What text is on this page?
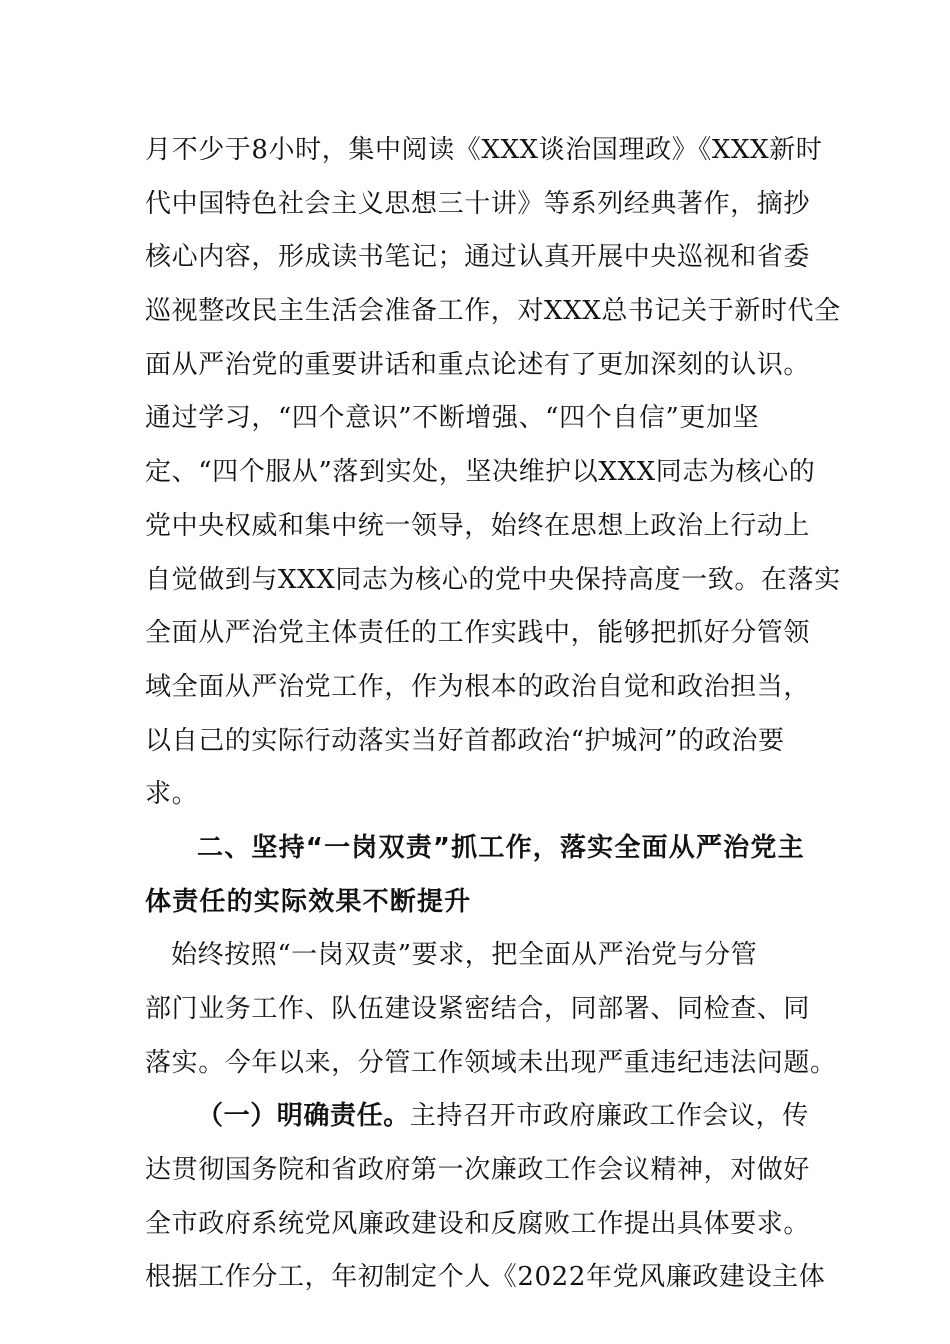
月不少于8小时，集中阅读《XXX谈治国理政》《XXX新时
代中国特色社会主义思想三十讲》等系列经典著作，摘抄
核心内容，形成读书笔记；通过认真开展中央巡视和省委
巡视整改民主生活会准备工作，对XXX总书记关于新时代全
面从严治党的重要讲话和重点论述有了更加深刻的认识。
通过学习，“四个意识”不断增强、“四个自信”更加坚
定、“四个服从”落到实处，坚决维护以XXX同志为核心的
党中央权威和集中统一领导，始终在思想上政治上行动上
自觉做到与XXX同志为核心的党中央保持高度一致。在落实
全面从严治党主体责任的工作实践中，能够把抓好分管领
域全面从严治党工作，作为根本的政治自觉和政治担当，
以自己的实际行动落实当好首都政治“护城河”的政治要
求。
二、坚持“一岗双责”抓工作，落实全面从严治党主
体责任的实际效果不断提升
始终按照“一岗双责”要求，把全面从严治党与分管
部门业务工作、队伍建设紧密结合，同部署、同检查、同
落实。今年以来，分管工作领域未出现严重违纪违法问题。
（一）明确责任。主持召开市政府廉政工作会议，传
达贯彻国务院和省政府第一次廉政工作会议精神，对做好
全市政府系统党风廉政建设和反腐败工作提出具体要求。
根据工作分工，年初制定个人《2022年党风廉政建设主体
